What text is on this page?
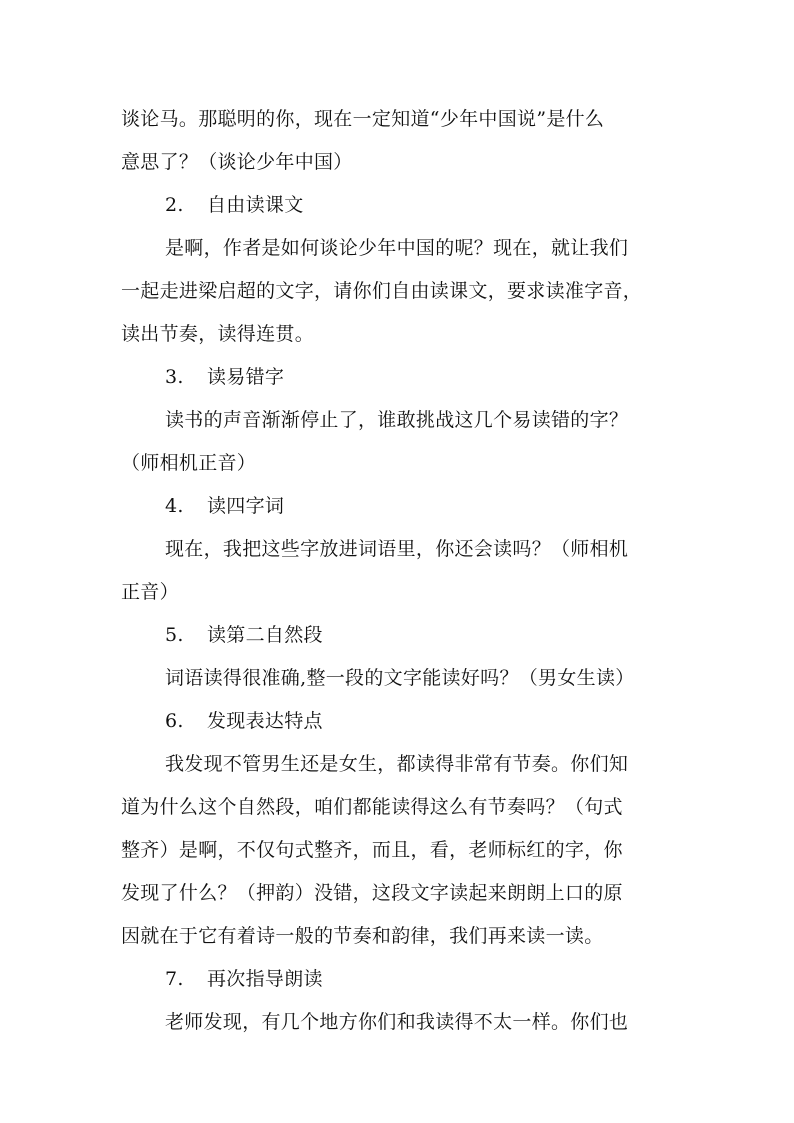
谈论马。那聪明的你，现在一定知道“少年中国说”是什么
意思了？（谈论少年中国）
2. 自由读课文
是啊，作者是如何谈论少年中国的呢？现在，就让我们
一起走进梁启超的文字，请你们自由读课文，要求读准字音，
读出节奏，读得连贯。
3. 读易错字
读书的声音渐渐停止了，谁敢挑战这几个易读错的字？
（师相机正音）
4. 读四字词
现在，我把这些字放进词语里，你还会读吗？（师相机
正音）
5. 读第二自然段
词语读得很准确,整一段的文字能读好吗？（男女生读）
6. 发现表达特点
我发现不管男生还是女生，都读得非常有节奏。你们知
道为什么这个自然段，咱们都能读得这么有节奏吗？（句式
整齐）是啊，不仅句式整齐，而且，看，老师标红的字，你
发现了什么？（押韵）没错，这段文字读起来朗朗上口的原
因就在于它有着诗一般的节奏和韵律，我们再来读一读。
7. 再次指导朗读
老师发现，有几个地方你们和我读得不太一样。你们也
